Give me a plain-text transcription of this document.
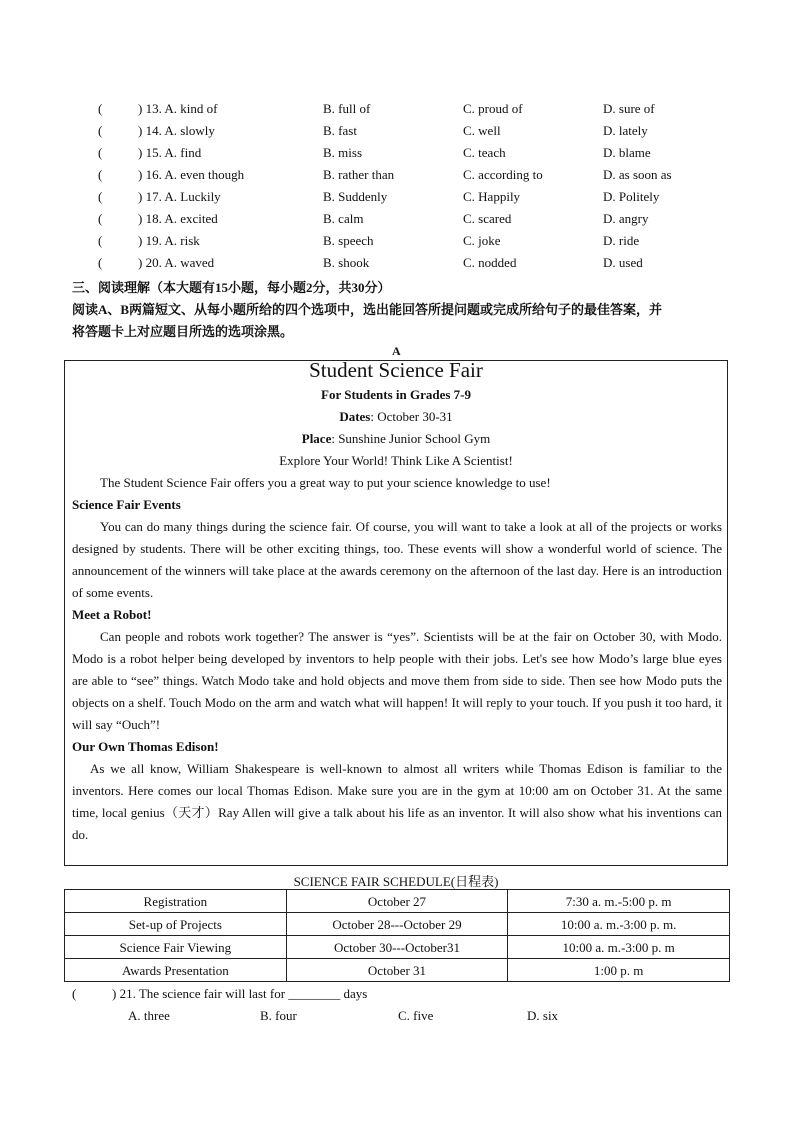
(	) 13. A. kind of	B. full of	C. proud of	D. sure of
(	) 14. A. slowly	B. fast	C. well	D. lately
(	) 15. A. find	B. miss	C. teach	D. blame
(	) 16. A. even though	B. rather than	C. according to	D. as soon as
(	) 17. A. Luckily	B. Suddenly	C. Happily	D. Politely
(	) 18. A. excited	B. calm	C. scared	D. angry
(	) 19. A. risk	B. speech	C. joke	D. ride
(	) 20. A. waved	B. shook	C. nodded	D. used
三、阅读理解（本大题有15小题，每小题2分，共30分）
阅读A、B两篇短文、从每小题所给的四个选项中，选出能回答所提问题或完成所给句子的最佳答案，并
将答题卡上对应题目所选的选项涂黑。
A
Student Science Fair
For Students in Grades 7-9
Dates: October 30-31
Place: Sunshine Junior School Gym
Explore Your World! Think Like A Scientist!
The Student Science Fair offers you a great way to put your science knowledge to use!
Science Fair Events
You can do many things during the science fair. Of course, you will want to take a look at all of the projects or works designed by students. There will be other exciting things, too. These events will show a wonderful world of science. The announcement of the winners will take place at the awards ceremony on the afternoon of the last day. Here is an introduction of some events.
Meet a Robot!
Can people and robots work together? The answer is “yes”. Scientists will be at the fair on October 30, with Modo. Modo is a robot helper being developed by inventors to help people with their jobs. Let's see how Modo’s large blue eyes are able to “see” things. Watch Modo take and hold objects and move them from side to side. Then see how Modo puts the objects on a shelf. Touch Modo on the arm and watch what will happen! It will reply to your touch. If you push it too hard, it will say “Ouch”!
Our Own Thomas Edison!
As we all know, William Shakespeare is well-known to almost all writers while Thomas Edison is familiar to the inventors. Here comes our local Thomas Edison. Make sure you are in the gym at 10:00 am on October 31. At the same time, local genius（天才）Ray Allen will give a talk about his life as an inventor. It will also show what his inventions can do.
SCIENCE FAIR SCHEDULE(日程表)
Registration	October 27	7:30 a. m.-5:00 p. m
Set-up of Projects	October 28---October 29	10:00 a. m.-3:00 p. m.
Science Fair Viewing	October 30---October31	10:00 a. m.-3:00 p. m
Awards Presentation	October 31	1:00 p. m
(	) 21. The science fair will last for ________ days
A. three	B. four	C. five	D. six
